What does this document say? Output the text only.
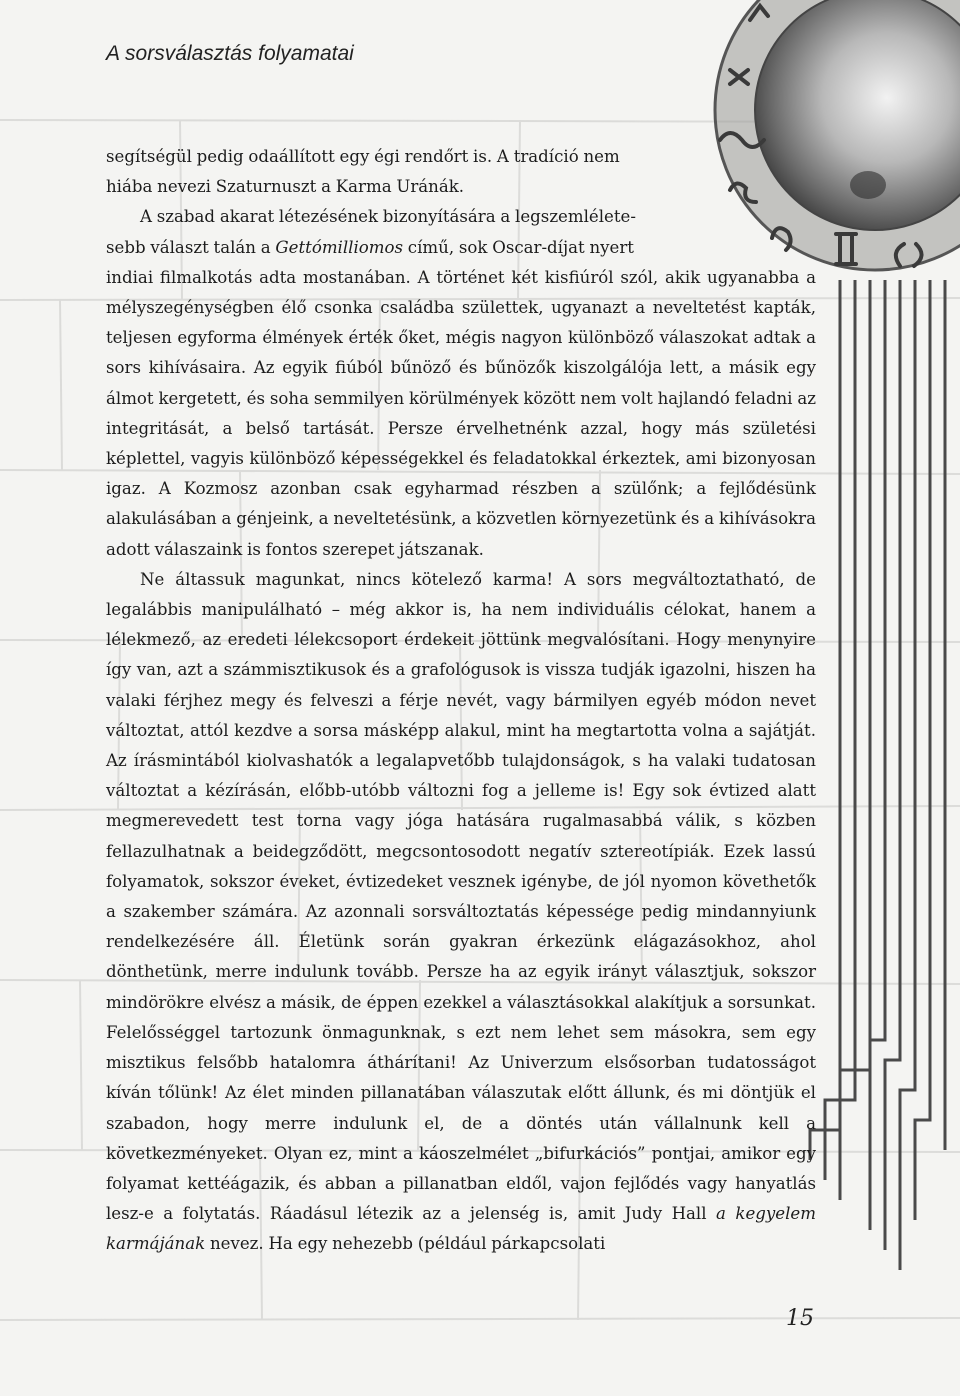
A sorsválasztás folyamatai

segítségül pedig odaállított egy égi rendőrt is. A tradíció nem

hiába nevezi Szaturnuszt a Karma Uránák.

A szabad akarat létezésének bizonyítására a legszemlélete-

sebb választ talán a Gettómilliomos című, sok Oscar-díjat nyert

indiai filmalkotás adta mostanában. A történet két kisfiúról szól, akik ugyanabba a mélyszegénységben élő csonka családba születtek, ugyanazt a neveltetést kapták, teljesen egyforma élmények érték őket, mégis nagyon különböző válaszokat adtak a sors kihívásaira. Az egyik fiúból bűnöző és bűnözők kiszolgálója lett, a másik egy álmot kergetett, és soha semmilyen körülmények között nem volt hajlandó feladni az integritását, a belső tartását. Persze érvelhetnénk azzal, hogy más születési képlettel, vagyis különböző képességekkel és feladatokkal érkeztek, ami bizonyosan igaz. A Kozmosz azonban csak egyharmad részben a szülőnk; a fejlődésünk alakulásában a génjeink, a neveltetésünk, a közvetlen környezetünk és a kihívásokra adott válaszaink is fontos szerepet játszanak.

Ne áltassuk magunkat, nincs kötelező karma! A sors megváltoztatható, de legalábbis manipulálható – még akkor is, ha nem individuális célokat, hanem a lélekmező, az eredeti lélekcsoport érdekeit jöttünk megvalósítani. Hogy menynyire így van, azt a számmisztikusok és a grafológusok is vissza tudják igazolni, hiszen ha valaki férjhez megy és felveszi a férje nevét, vagy bármilyen egyéb módon nevet változtat, attól kezdve a sorsa másképp alakul, mint ha megtartotta volna a sajátját. Az írásmintából kiolvashatók a legalapvetőbb tulajdonságok, s ha valaki tudatosan változtat a kézírásán, előbb-utóbb változni fog a jelleme is! Egy sok évtized alatt megmerevedett test torna vagy jóga hatására rugalmasabbá válik, s közben fellazulhatnak a beidegződött, megcsontosodott negatív sztereotípiák. Ezek lassú folyamatok, sokszor éveket, évtizedeket vesznek igénybe, de jól nyomon követhetők a szakember számára. Az azonnali sorsváltoztatás képessége pedig mindannyiunk rendelkezésére áll. Életünk során gyakran érkezünk elágazásokhoz, ahol dönthetünk, merre indulunk tovább. Persze ha az egyik irányt választjuk, sokszor mindörökre elvész a másik, de éppen ezekkel a választásokkal alakítjuk a sorsunkat. Felelősséggel tartozunk önmagunknak, s ezt nem lehet sem másokra, sem egy misztikus felsőbb hatalomra áthárítani! Az Univerzum elsősorban tudatosságot kíván tőlünk! Az élet minden pillanatában válaszutak előtt állunk, és mi döntjük el szabadon, hogy merre indulunk el, de a döntés után vállalnunk kell a következményeket. Olyan ez, mint a káoszelmélet „bifurkációs” pontjai, amikor egy folyamat kettéágazik, és abban a pillanatban eldől, vajon fejlődés vagy hanyatlás lesz-e a folytatás. Ráadásul létezik az a jelenség is, amit Judy Hall a kegyelem karmájának nevez. Ha egy nehezebb (például párkapcsolati

15
